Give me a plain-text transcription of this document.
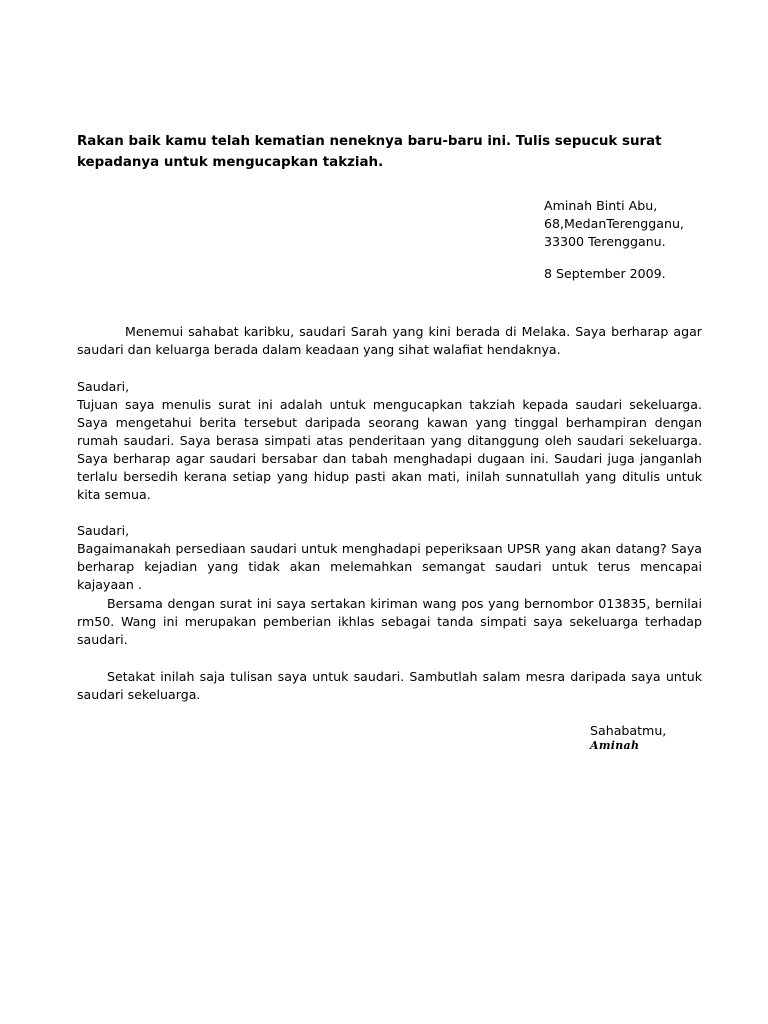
Rakan baik kamu telah kematian neneknya baru-baru ini. Tulis sepucuk surat kepadanya untuk mengucapkan takziah.

Aminah Binti Abu,
68,MedanTerengganu,
33300 Terengganu.
8 September 2009.

Menemui sahabat karibku, saudari Sarah yang kini berada di Melaka. Saya berharap agar saudari dan keluarga berada dalam keadaan yang sihat walafiat hendaknya.

Saudari,

Tujuan saya menulis surat ini adalah untuk mengucapkan takziah kepada saudari sekeluarga. Saya mengetahui berita tersebut daripada seorang kawan yang tinggal berhampiran dengan rumah saudari. Saya berasa simpati atas penderitaan yang ditanggung oleh saudari sekeluarga. Saya berharap agar saudari bersabar dan tabah menghadapi dugaan ini. Saudari juga janganlah terlalu bersedih kerana setiap yang hidup pasti akan mati, inilah sunnatullah yang ditulis untuk kita semua.

Saudari,

Bagaimanakah persediaan saudari untuk menghadapi peperiksaan UPSR yang akan datang? Saya berharap kejadian yang tidak akan melemahkan semangat saudari untuk terus mencapai kajayaan .

Bersama dengan surat ini saya sertakan kiriman wang pos yang bernombor 013835, bernilai rm50. Wang ini merupakan pemberian ikhlas sebagai tanda simpati saya sekeluarga terhadap saudari.

Setakat inilah saja tulisan saya untuk saudari. Sambutlah salam mesra daripada saya untuk saudari sekeluarga.

Sahabatmu,

Aminah
